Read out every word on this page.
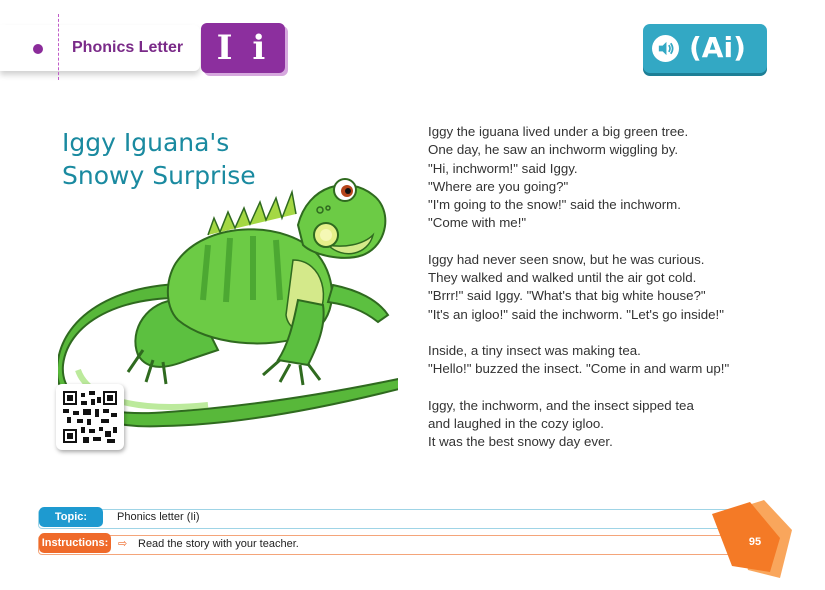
Phonics Letter I i	(Ai)
Iggy Iguana's
Snowy Surprise
Iggy the iguana lived under a big green tree.
One day, he saw an inchworm wiggling by.
"Hi, inchworm!" said Iggy.
"Where are you going?"
"I'm going to the snow!" said the inchworm.
"Come with me!"
Iggy had never seen snow, but he was curious.
They walked and walked until the air got cold.
"Brrr!" said Iggy. "What's that big white house?"
"It's an igloo!" said the inchworm. "Let's go inside!"
Inside, a tiny insect was making tea.
"Hello!" buzzed the insect. "Come in and warm up!"
Iggy, the inchworm, and the insect sipped tea
and laughed in the cozy igloo.
It was the best snowy day ever.
Topic:	Phonics letter (Ii)
Instructions: ⇨ Read the story with your teacher.	95
